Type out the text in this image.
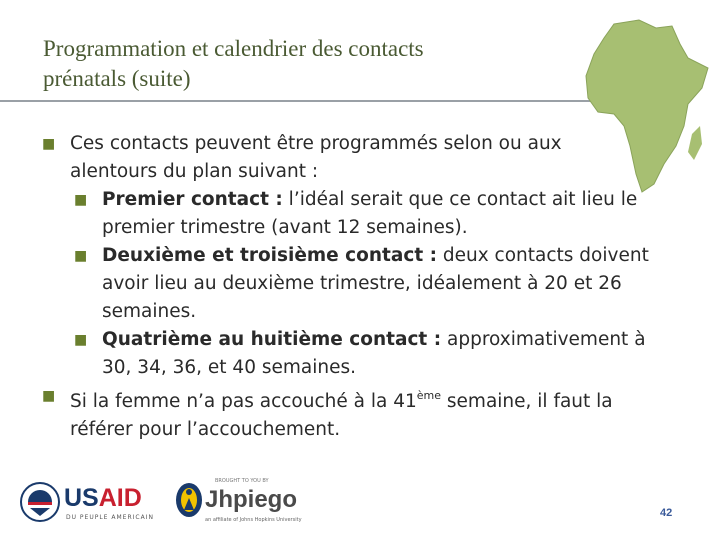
Programmation et calendrier des contacts
prénatals (suite)

■ Ces contacts peuvent être programmés selon ou aux
alentours du plan suivant :

■ Premier contact : l’idéal serait que ce contact ait lieu le
premier trimestre (avant 12 semaines).

■ Deuxième et troisième contact : deux contacts doivent
avoir lieu au deuxième trimestre, idéalement à 20 et 26
semaines.

■ Quatrième au huitième contact : approximativement à
30, 34, 36, et 40 semaines.

■ Si la femme n’a pas accouché à la 41ème semaine, il faut la
référer pour l’accouchement.

USAID
DU PEUPLE AMERICAIN
BROUGHT TO YOU BY
Jhpiego
an affiliate of Johns Hopkins University
42
